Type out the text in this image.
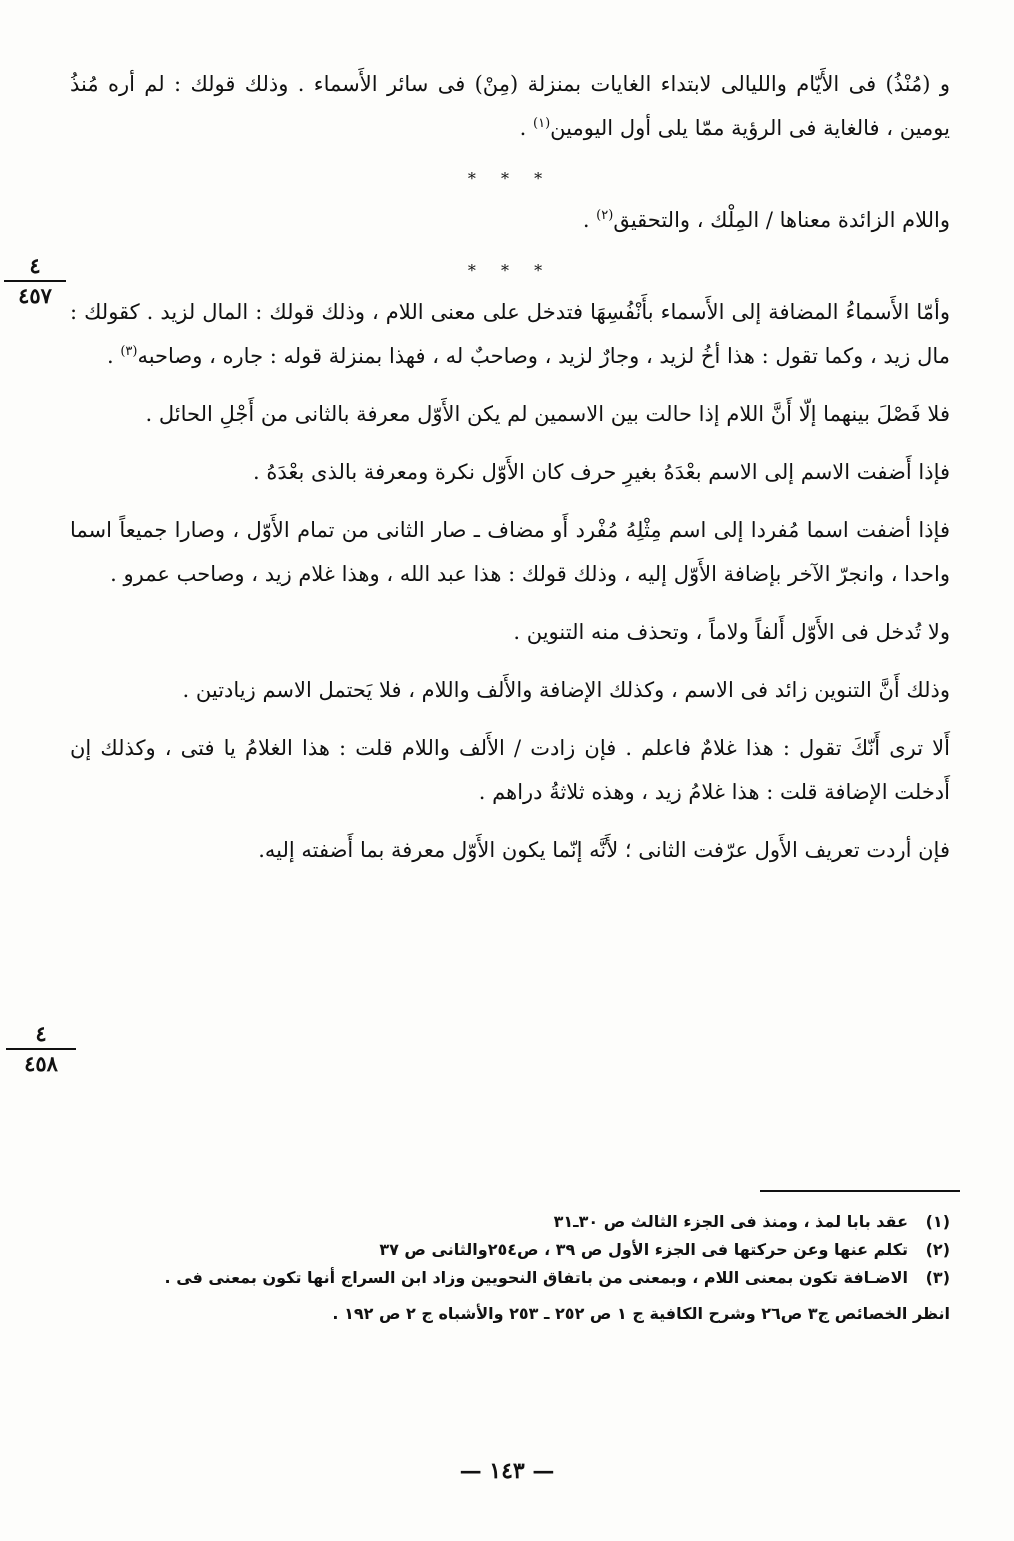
و (مُنْذُ) فى الأَيّام والليالى لابتداء الغايات بمنزلة (مِنْ) فى سائر الأَسماء . وذلك قولك : لم أره مُنذُ يومين ، فالغاية فى الرؤية ممّا يلى أول اليومين$^{(١)}$ .

* * *

واللام الزائدة معناها / المِلْك ، والتحقيق$^{(٢)}$ .

* * *

وأمّا الأَسماءُ المضافة إلى الأَسماء بأَنْفُسِهَا فتدخل على معنى اللام ، وذلك قولك : المال لزيد . كقولك : مال زيد ، وكما تقول : هذا أخُ لزيد ، وجارٌ لزيد ، وصاحبٌ له ، فهذا بمنزلة قوله : جاره ، وصاحبه$^{(٣)}$ .

فلا فَصْلَ بينهما إلّا أَنَّ اللام إذا حالت بين الاسمين لم يكن الأَوّل معرفة بالثانى من أَجْلِ الحائل .

فإذا أَضفت الاسم إلى الاسم بعْدَهُ بغيرِ حرف كان الأَوّل نكرة ومعرفة بالذى بعْدَهُ .

فإذا أضفت اسما مُفردا إلى اسم مِثْلِهُ مُفْرد أَو مضاف ـ صار الثانى من تمام الأَوّل ، وصارا جميعاً اسما واحدا ، وانجرّ الآخر بإضافة الأَوّل إليه ، وذلك قولك : هذا عبد الله ، وهذا غلام زيد ، وصاحب عمرو .

ولا تُدخل فى الأَوّل أَلفاً ولاماً ، وتحذف منه التنوين .

وذلك أَنَّ التنوين زائد فى الاسم ، وكذلك الإضافة والأَلف واللام ، فلا يَحتمل الاسم زيادتين .

أَلا ترى أَنّكَ تقول : هذا غلامٌ فاعلم . فإن زادت / الأَلف واللام قلت : هذا الغلامُ يا فتى ، وكذلك إن أَدخلت الإضافة قلت : هذا غلامُ زيد ، وهذه ثلاثةُ دراهم .

فإن أردت تعريف الأَول عرّفت الثانى ؛ لأَنَّه إنّما يكون الأَوّل معرفة بما أَضفته إليه.

٤
٤٥٧
٤
٤٥٨

(١)عقد بابا لمذ ، ومنذ فى الجزء الثالث ص ٣٠ـ٣١

(٢)تكلم عنها وعن حركتها فى الجزء الأول ص ٣٩ ، ص٢٥٤والثانى ص ٣٧

(٣)الاضـافة تكون بمعنى اللام ، وبمعنى من باتفاق النحويين وزاد ابن السراج أنها تكون بمعنى فى .

انظر الخصائص ج٣ ص٢٦ وشرح الكافية ج ١ ص ٢٥٢ ـ ٢٥٣ والأشباه ج ٢ ص ١٩٢ .

— ١٤٣ —
